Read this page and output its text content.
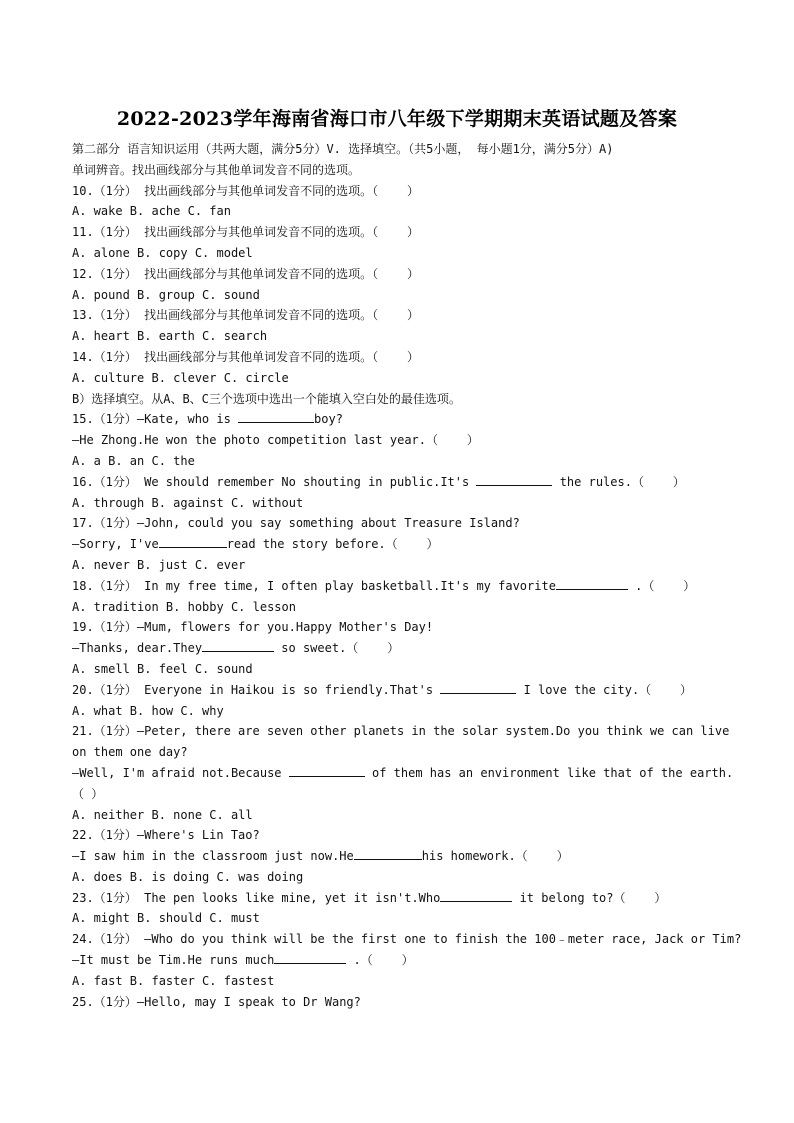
2022-2023学年海南省海口市八年级下学期期末英语试题及答案
第二部分 语言知识运用（共两大题，满分5分）V. 选择填空。（共5小题， 每小题1分，满分5分）A)
单词辨音。找出画线部分与其他单词发音不同的选项。
10.（1分） 找出画线部分与其他单词发音不同的选项。（    ）
A. wake B. ache C. fan
11.（1分） 找出画线部分与其他单词发音不同的选项。（    ）
A. alone B. copy C. model
12.（1分） 找出画线部分与其他单词发音不同的选项。（    ）
A. pound B. group C. sound
13.（1分） 找出画线部分与其他单词发音不同的选项。（    ）
A. heart B. earth C. search
14.（1分） 找出画线部分与其他单词发音不同的选项。（    ）
A. culture B. clever C. circle
B）选择填空。从A、B、C三个选项中选出一个能填入空白处的最佳选项。
15.（1分）—Kate, who is	boy?
—He Zhong.He won the photo competition last year.（    ）
A. a B. an C. the
16.（1分） We should remember No shouting in public.It's	the rules.（    ）
A. through B. against C. without
17.（1分）—John, could you say something about Treasure Island?
—Sorry, I've	read the story before.（    ）
A. never B. just C. ever
18.（1分） In my free time, I often play basketball.It's my favorite	.（    ）
A. tradition B. hobby C. lesson
19.（1分）—Mum, flowers for you.Happy Mother's Day!
—Thanks, dear.They	so sweet.（    ）
A. smell B. feel C. sound
20.（1分） Everyone in Haikou is so friendly.That's	I love the city.（    ）
A. what B. how C. why
21.（1分）—Peter, there are seven other planets in the solar system.Do you think we can live on them one day?
—Well, I'm afraid not.Because	of them has an environment like that of the earth.（ ）
A. neither B. none C. all
22.（1分）—Where's Lin Tao?
—I saw him in the classroom just now.He	his homework.（    ）
A. does B. is doing C. was doing
23.（1分） The pen looks like mine, yet it isn't.Who	it belong to?（    ）
A. might B. should C. must
24.（1分） —Who do you think will be the first one to finish the 100﹣meter race, Jack or Tim?
—It must be Tim.He runs much	.（    ）
A. fast B. faster C. fastest
25.（1分）—Hello, may I speak to Dr Wang?
